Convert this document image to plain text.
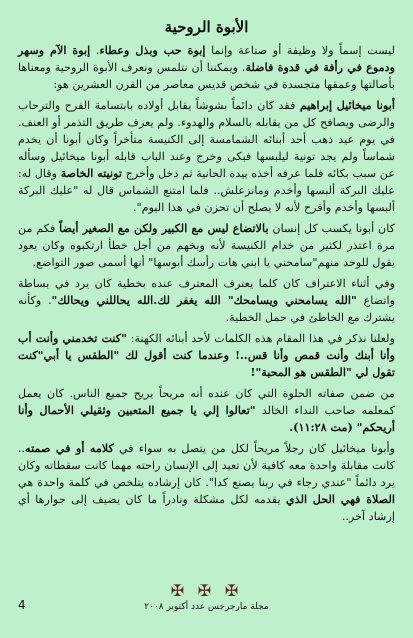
الأبوة الروحية

ليست إسماً ولا وظيفة أو صناعة وإنما إبوة حب وبذل وعطاء. إبوة الآم وسهر ودموع في رأفة في قدوة فاضلة. ويمكننا أن نتلمس ونعرف الأبوة الروحية ومعناها بأصالتها وعمقها متجسدة في شخص قديس معاصر من القرن العشرين هو:

أبونا ميخائيل إبراهيم فقد كان دائماً بشوشاً يقابل أولاده بابتسامة الفرح والترحاب والرضى ويصافح كل من يقابله بالسلام والهدوء. ولم يعرف طريق التذمر أو العنف. في يوم عيد ذهب أحد أبنائه الشمامسة إلى الكنيسة متأخراً وكان أبونا أن يخدم شماساً ولم يجد تونية ليلبسها فبكى وخرج وعند الباب قابله أبونا ميخائيل وسأله عن سبب بكائه فلما عرفه أخذه بيده الحانية ثم دخل وأخرج تونيته الخاصة وقال له: عليك البركة ألبسها وأخدم ومانزعلش.. فلما امتنع الشماس قال له "عليك البركة ألبسها وأخدم وأفرح لأنه لا يصلح أن تحزن في هذا اليوم".

كان أبونا يكسب كل إنسان بالاتضاع ليس مع الكبير ولكن مع الصغير أيضاً فكم من مرة اعتذر لكثير من خدام الكنيسة لأنه وبخهم من أجل خطأ ارتكبوه وكان يعود يقول للوحد منهم"سامحني يا ابني هات رأسك أبوسها" أنها أسمى صور التواضع.

وفي أثناء الاعتراف كان كلما يعترف المعترف عنده بخطية كان يرد في بساطة واتضاع "الله يسامحني ويسامحك" الله يغفر لك.الله يحاللني ويحالك". وكأنه يشترك مع الخاطئ في حمل الخطية.

ولعلنا نذكر في هذا المقام هذه الكلمات لأحد أبنائه الكهنة: "كنت تخدمني وأنت أب وأنا أبنك وأنت قمص وأنا قس..! وعندما كنت أقول لك "الطقس يا أبي"كنت تقول لي "الطقس هو المحبة"!

من ضمن صفاته الحلوة التي كان عنده أنه مريحاً يريح جميع الناس. كان يعمل كمعلمه صاحب النداء الخالد "تعالوا إلي يا جميع المتعبين وثقيلي الأحمال وأنا أريحكم" (مت ١١:٢٨).

وأبونا ميخائيل كان رجلاً مريحاً لكل من يتصل به سواء في كلامه أو في صمته.. كانت مقابلة واحدة معه كافية لأن تعيد إلى الإنسان راحته مهما كانت سقطاته وكان يرد دائماً "عندي رجاء في ربنا يصنع كدا". كان إرشاده يتلخص في كلمة واحدة هي الصلاة فهي الحل الذي يقدمه لكل مشكلة ونادراً ما كان يضيف إلى جوارها أي إرشاد آخر..

✠ ✠ ✠
4	مجلة مارجرجس عدد أكتوبر ٢٠٠٨
